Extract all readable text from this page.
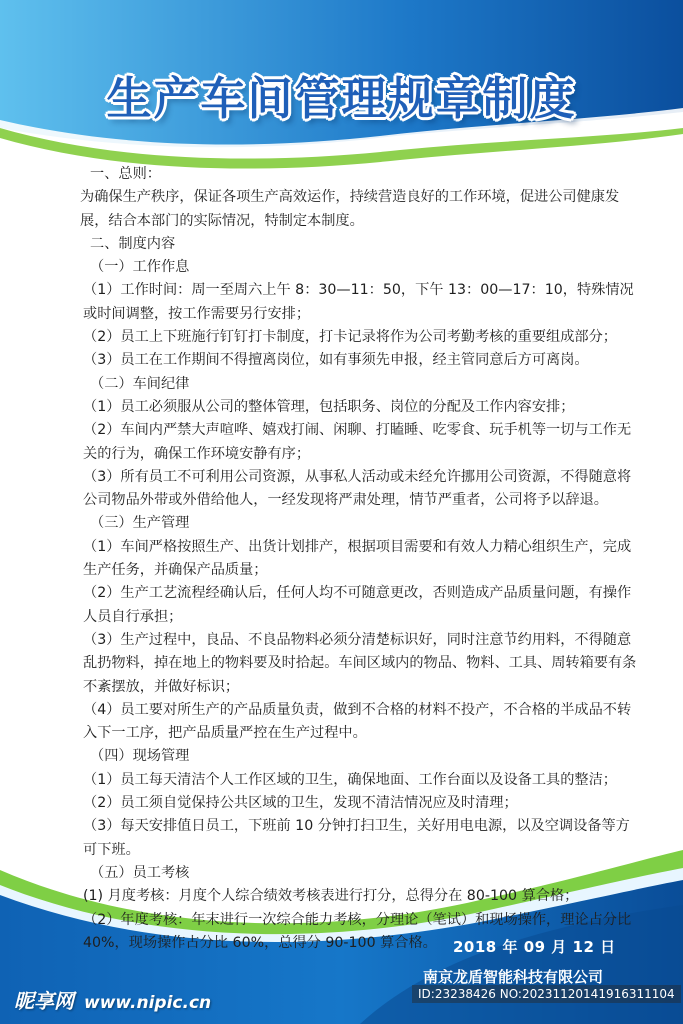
生产车间管理规章制度

一、总则：

为确保生产秩序，保证各项生产高效运作，持续营造良好的工作环境，促进公司健康发展，结合本部门的实际情况，特制定本制度。

二、制度内容

（一）工作作息

（1）工作时间：周一至周六上午 8：30—11：50，下午 13：00—17：10，特殊情况或时间调整，按工作需要另行安排；

（2）员工上下班施行钉钉打卡制度，打卡记录将作为公司考勤考核的重要组成部分；

（3）员工在工作期间不得擅离岗位，如有事须先申报，经主管同意后方可离岗。

（二）车间纪律

（1）员工必须服从公司的整体管理，包括职务、岗位的分配及工作内容安排；

（2）车间内严禁大声喧哗、嬉戏打闹、闲聊、打瞌睡、吃零食、玩手机等一切与工作无关的行为，确保工作环境安静有序；

（3）所有员工不可利用公司资源，从事私人活动或未经允许挪用公司资源，不得随意将公司物品外带或外借给他人，一经发现将严肃处理，情节严重者，公司将予以辞退。

（三）生产管理

（1）车间严格按照生产、出货计划排产，根据项目需要和有效人力精心组织生产，完成生产任务，并确保产品质量；

（2）生产工艺流程经确认后，任何人均不可随意更改，否则造成产品质量问题，有操作人员自行承担；

（3）生产过程中，良品、不良品物料必须分清楚标识好，同时注意节约用料，不得随意乱扔物料，掉在地上的物料要及时拾起。车间区域内的物品、物料、工具、周转箱要有条不紊摆放，并做好标识；

（4）员工要对所生产的产品质量负责，做到不合格的材料不投产，不合格的半成品不转入下一工序，把产品质量严控在生产过程中。

（四）现场管理

（1）员工每天清洁个人工作区域的卫生，确保地面、工作台面以及设备工具的整洁；

（2）员工须自觉保持公共区域的卫生，发现不清洁情况应及时清理；

（3）每天安排值日员工，下班前 10 分钟打扫卫生，关好用电电源，以及空调设备等方可下班。

（五）员工考核

(1) 月度考核：月度个人综合绩效考核表进行打分，总得分在 80-100 算合格；

（2）年度考核：年末进行一次综合能力考核，分理论（笔试）和现场操作，理论占分比 40%，现场操作占分比 60%，总得分 90-100 算合格。	2018 年 09 月 12 日
南京龙盾智能科技有限公司
昵享网 www.nipic.cn	ID:23238426 NO:20231120141916311104
